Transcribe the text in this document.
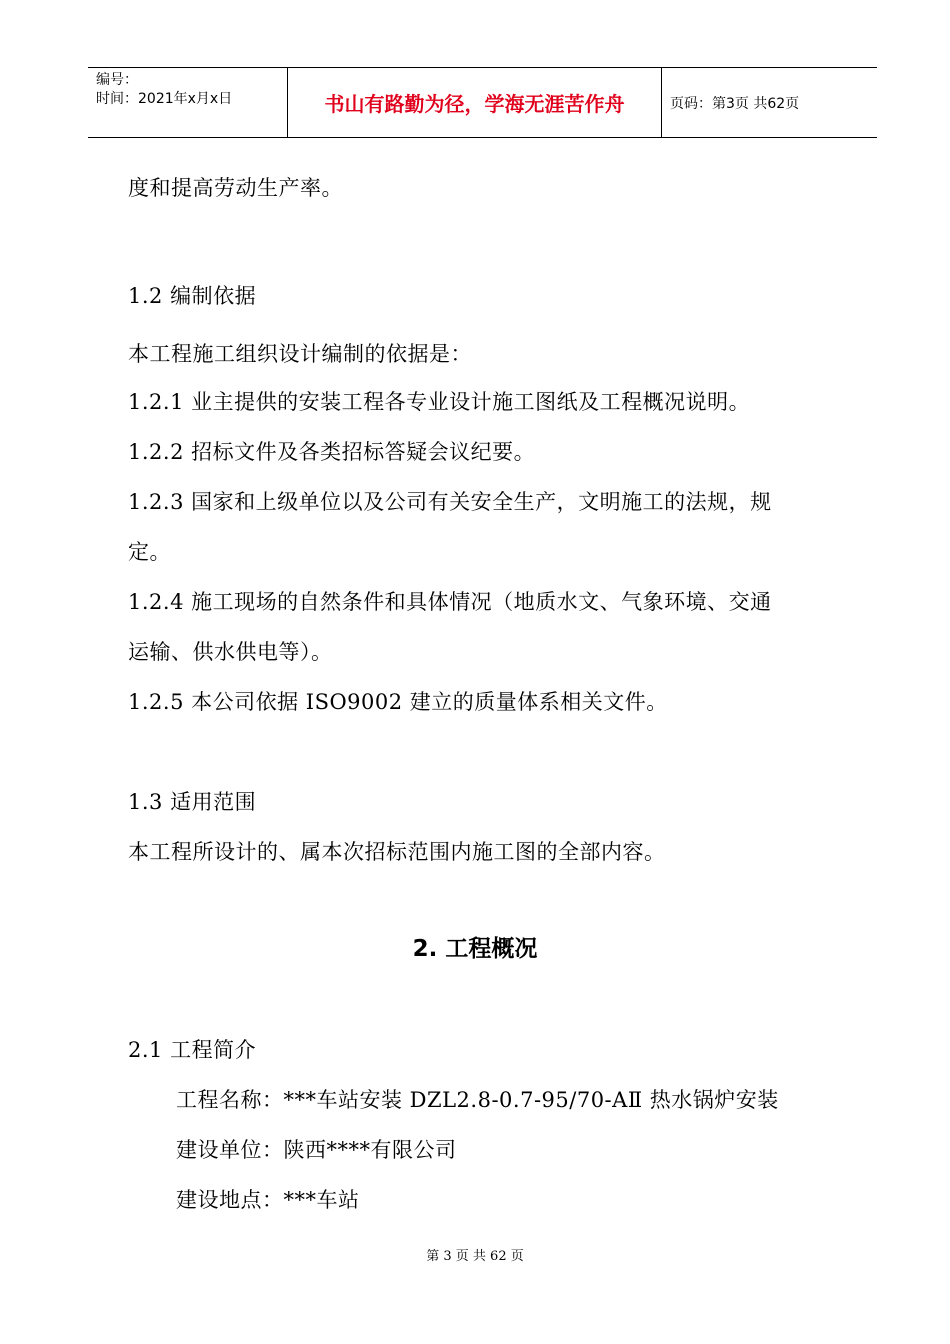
编号：
时间：2021年x月x日	书山有路勤为径，学海无涯苦作舟	页码：第3页 共62页
度和提高劳动生产率。
1.2 编制依据
本工程施工组织设计编制的依据是：
1.2.1 业主提供的安装工程各专业设计施工图纸及工程概况说明。
1.2.2 招标文件及各类招标答疑会议纪要。
1.2.3 国家和上级单位以及公司有关安全生产，文明施工的法规，规
定。
1.2.4 施工现场的自然条件和具体情况（地质水文、气象环境、交通
运输、供水供电等）。
1.2.5 本公司依据 ISO9002 建立的质量体系相关文件。
1.3 适用范围
本工程所设计的、属本次招标范围内施工图的全部内容。
2. 工程概况
2.1 工程简介
工程名称：***车站安装 DZL2.8-0.7-95/70-AⅡ 热水锅炉安装
建设单位：陕西****有限公司
建设地点：***车站
第 3 页 共 62 页
